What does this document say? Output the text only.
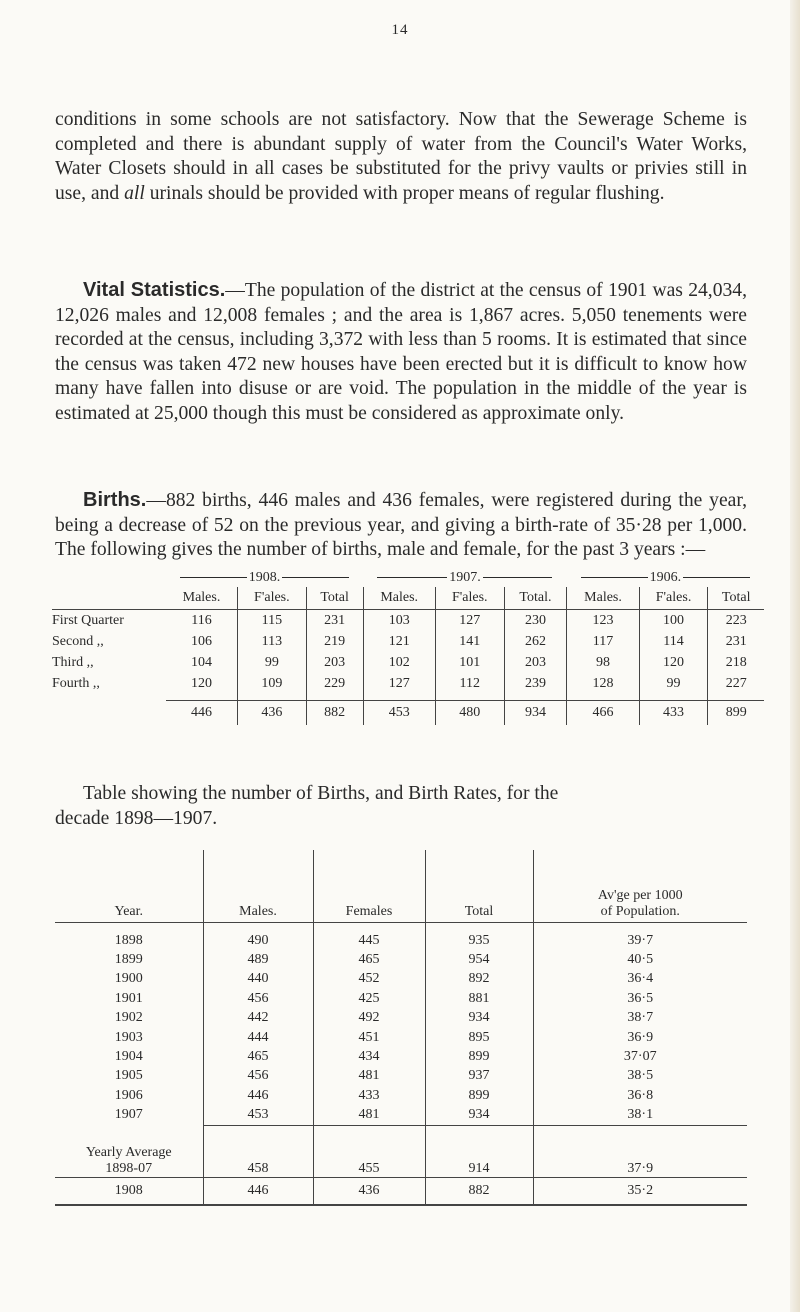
14

conditions in some schools are not satisfactory. Now that the Sewerage Scheme is completed and there is abundant supply of water from the Council's Water Works, Water Closets should in all cases be substituted for the privy vaults or privies still in use, and all urinals should be provided with proper means of regular flushing.

Vital Statistics.—The population of the district at the census of 1901 was 24,034, 12,026 males and 12,008 females ; and the area is 1,867 acres. 5,050 tenements were recorded at the census, including 3,372 with less than 5 rooms. It is estimated that since the census was taken 472 new houses have been erected but it is difficult to know how many have fallen into disuse or are void. The population in the middle of the year is estimated at 25,000 though this must be considered as approximate only.

Births.—882 births, 446 males and 436 females, were registered during the year, being a decrease of 52 on the previous year, and giving a birth-rate of 35·28 per 1,000. The following gives the number of births, male and female, for the past 3 years :—

	1908.			1907.			1906.		
	Males.	F'ales.	Total	Males.	F'ales.	Total.	Males.	F'ales.	Total
First Quarter	116	115	231	103	127	230	123	100	223
Second ,,	106	113	219	121	141	262	117	114	231
Third ,,	104	99	203	102	101	203	98	120	218
Fourth ,,	120	109	229	127	112	239	128	99	227

	446	436	882	453	480	934	466	433	899
Table showing the number of Births, and Birth Rates, for the
decade 1898—1907.
Year.	Males.	Females	Total	Av'ge per 1000
of Population.
1898	490	445	935	39·7
1899	489	465	954	40·5
1900	440	452	892	36·4
1901	456	425	881	36·5
1902	442	492	934	38·7
1903	444	451	895	36·9
1904	465	434	899	37·07
1905	456	481	937	38·5
1906	446	433	899	36·8
1907	453	481	934	38·1
Yearly Average
1898-07	458	455	914	37·9
1908	446	436	882	35·2
